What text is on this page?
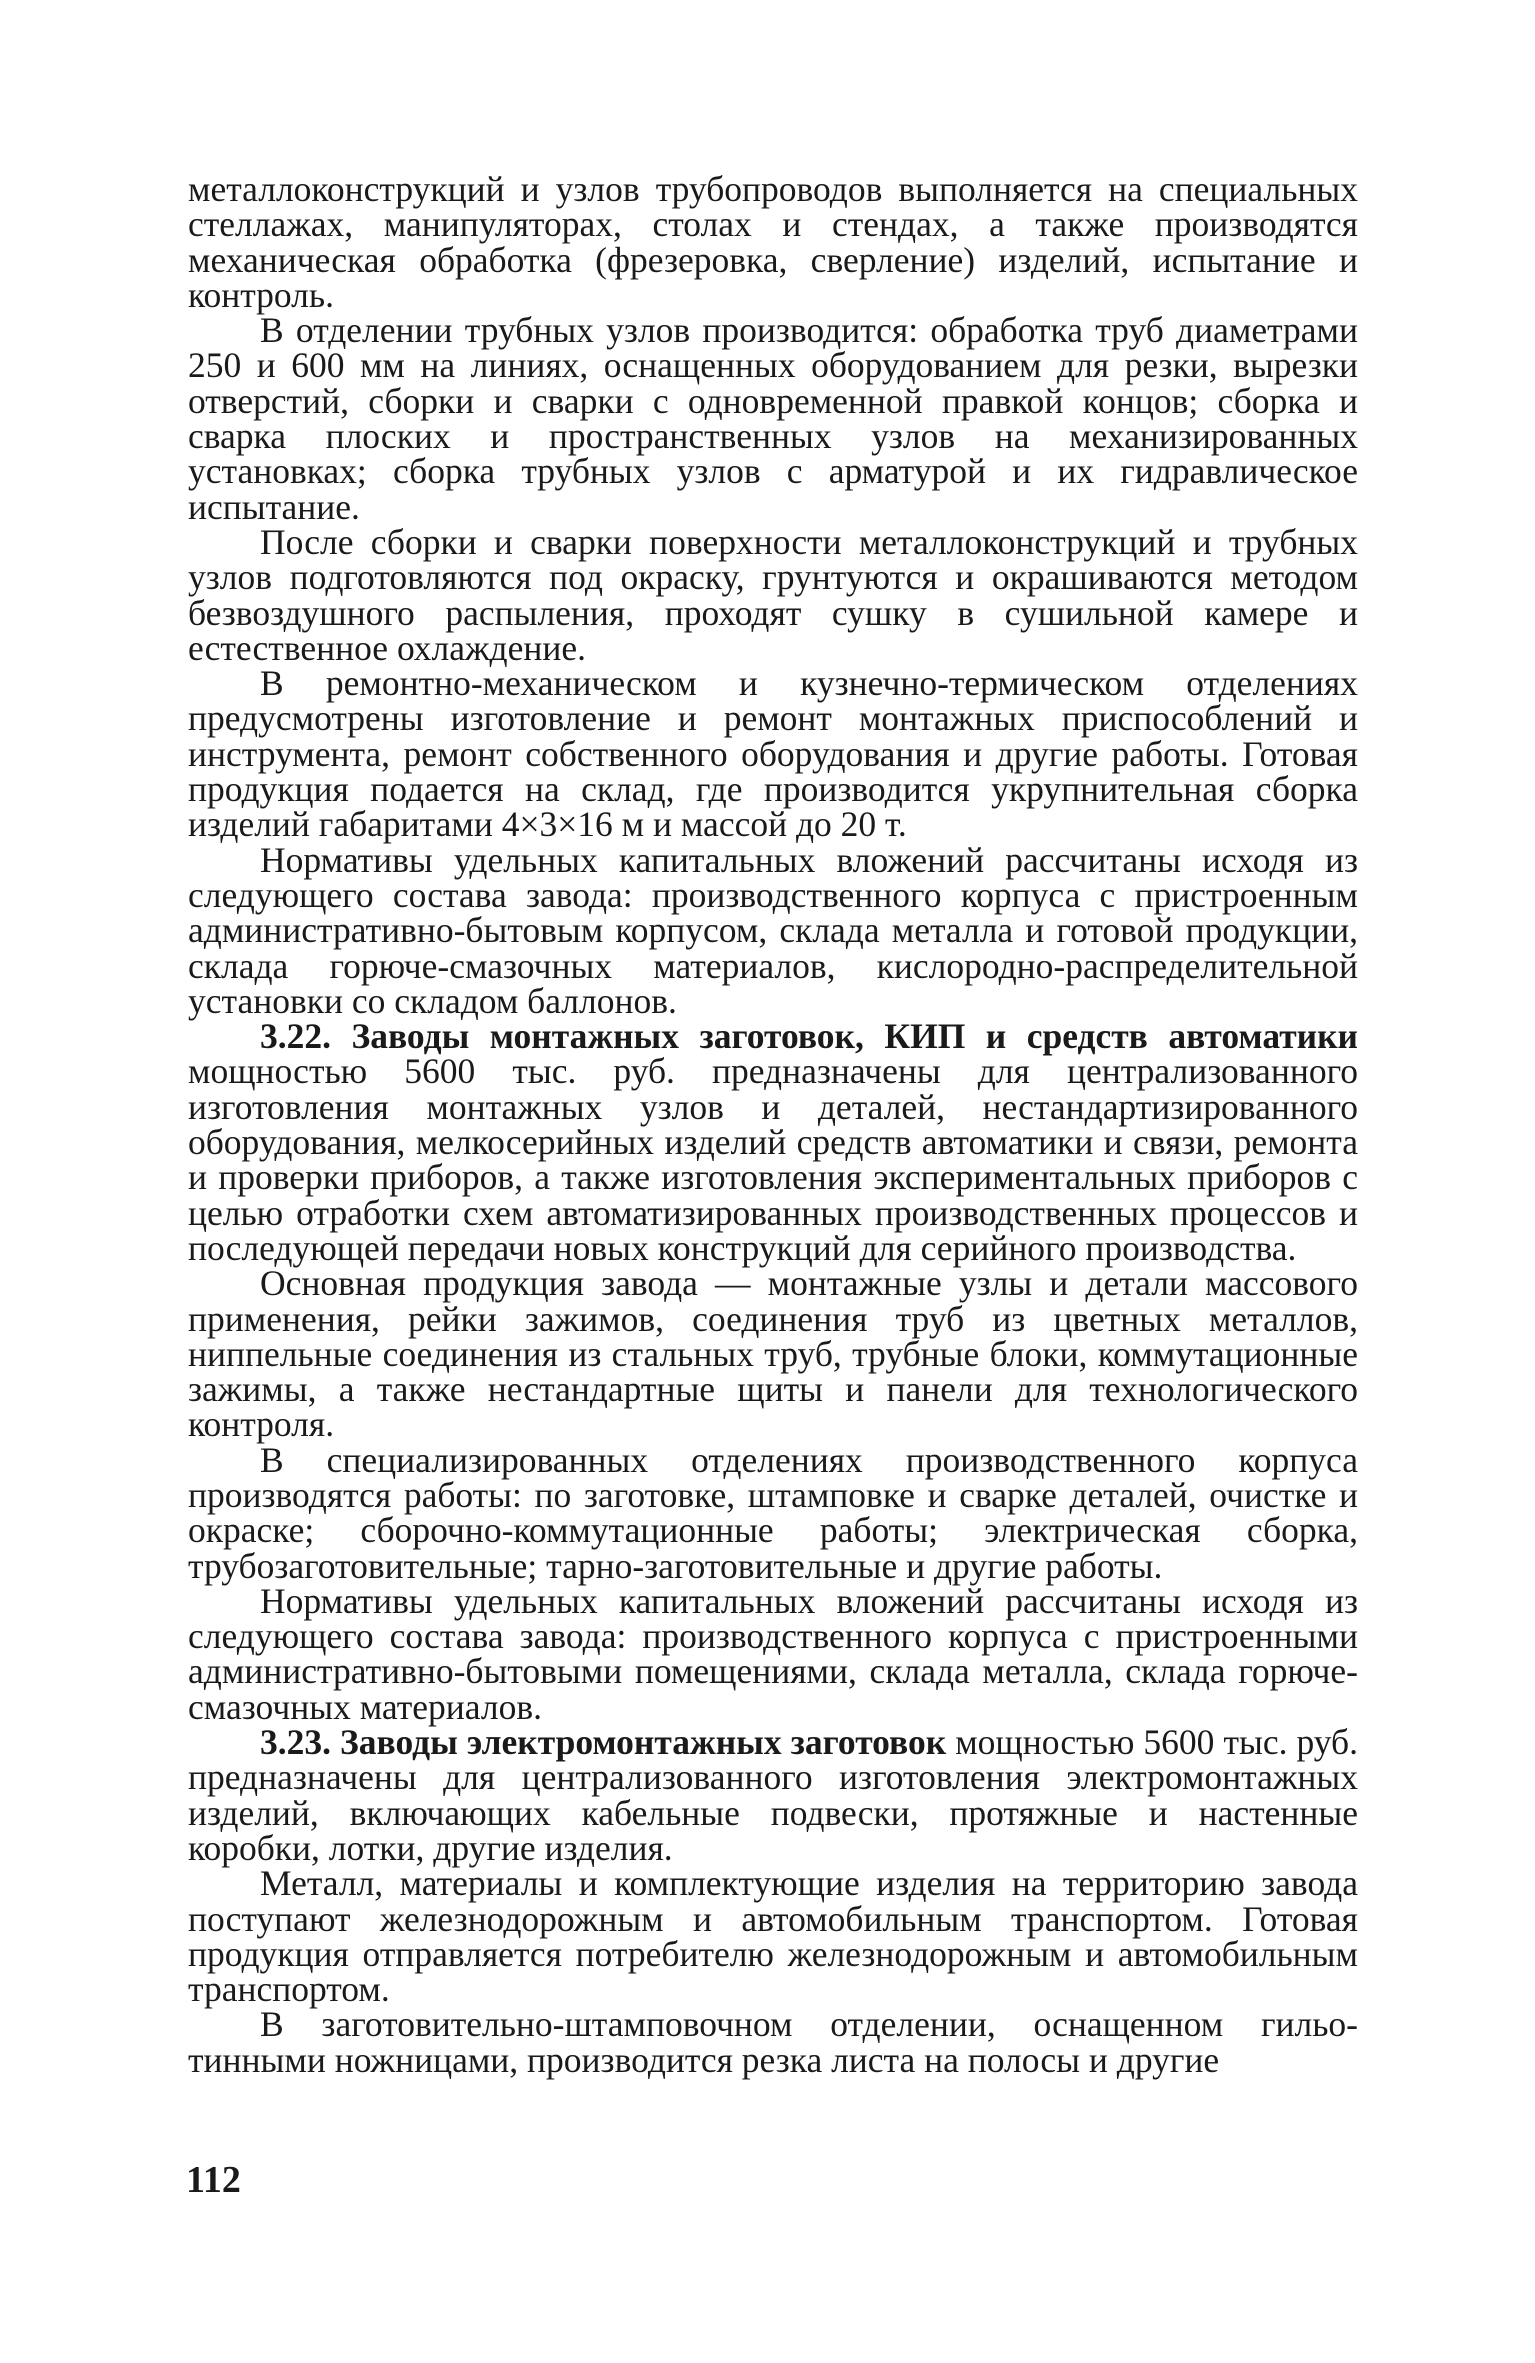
металлоконструкций и узлов трубопроводов выполняется на специальных стеллажах, манипуляторах, столах и стендах, а также производятся механическая обработка (фрезеровка, сверление) изделий, испытание и контроль.

В отделении трубных узлов производится: обработка труб диаметрами 250 и 600 мм на линиях, оснащенных оборудованием для резки, вырезки отверстий, сборки и сварки с одновременной правкой концов; сборка и сварка плоских и пространственных узлов на механизированных установках; сборка трубных узлов с арматурой и их гидравлическое испытание.

После сборки и сварки поверхности металлоконструкций и трубных узлов подготовляются под окраску, грунтуются и окрашиваются методом безвоздушного распыления, проходят сушку в сушильной камере и естественное охлаждение.

В ремонтно-механическом и кузнечно-термическом отделениях предусмотрены изготовление и ремонт монтажных приспособлений и инструмента, ремонт собственного оборудования и другие работы. Готовая продукция подается на склад, где производится укрупнительная сборка изделий габаритами 4×3×16 м и массой до 20 т.

Нормативы удельных капитальных вложений рассчитаны исходя из следующего состава завода: производственного корпуса с пристроенным административно-бытовым корпусом, склада металла и готовой продукции, склада горюче-смазочных материалов, кислородно-распределительной установки со складом баллонов.

3.22. Заводы монтажных заготовок, КИП и средств автоматики мощностью 5600 тыс. руб. предназначены для централизованного изготовления монтажных узлов и деталей, нестандартизированного оборудования, мелкосерийных изделий средств автоматики и связи, ремонта и проверки приборов, а также изготовления экспериментальных приборов с целью отработки схем автоматизированных производственных процессов и последующей передачи новых конструкций для серийного производства.

Основная продукция завода — монтажные узлы и детали массового применения, рейки зажимов, соединения труб из цветных металлов, ниппельные соединения из стальных труб, трубные блоки, коммутационные зажимы, а также нестандартные щиты и панели для технологического контроля.

В специализированных отделениях производственного корпуса производятся работы: по заготовке, штамповке и сварке деталей, очистке и окраске; сборочно-коммутационные работы; электрическая сборка, трубозаготовительные; тарно-заготовительные и другие работы.

Нормативы удельных капитальных вложений рассчитаны исходя из следующего состава завода: производственного корпуса с пристроенными административно-бытовыми помещениями, склада металла, склада горюче-смазочных материалов.

3.23. Заводы электромонтажных заготовок мощностью 5600 тыс. руб. предназначены для централизованного изготовления электромонтажных изделий, включающих кабельные подвески, протяжные и настенные коробки, лотки, другие изделия.

Металл, материалы и комплектующие изделия на территорию завода поступают железнодорожным и автомобильным транспортом. Готовая продукция отправляется потребителю железнодорожным и автомобильным транспортом.

В заготовительно-штамповочном отделении, оснащенном гильотинными ножницами, производится резка листа на полосы и другие

112
